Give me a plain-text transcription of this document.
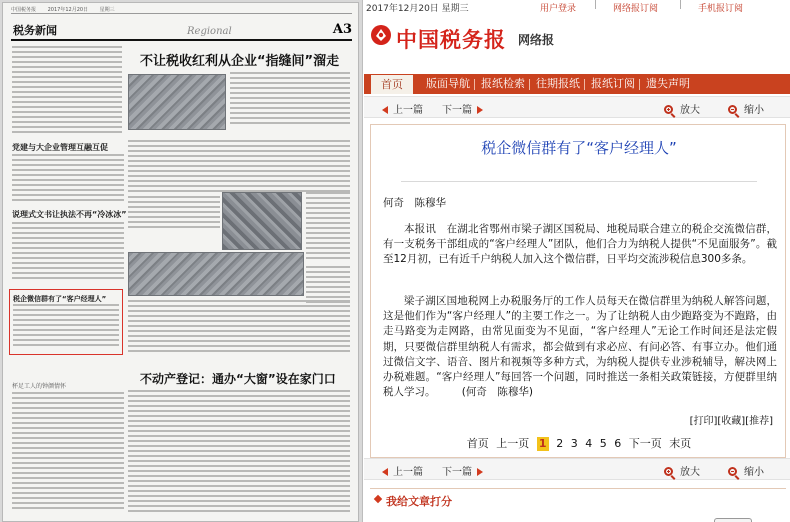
中国税务报 2017年12月20日 星期三
税务新闻	Regional	A3
不让税收红利从企业“指缝间”溜走
党建与大企业管理互融互促
说理式文书让执法不再“冷冰冰”
税企微信群有了“客户经理人”
杯足工人的钟颜情怀
不动产登记：通办“大窗”设在家门口
2017年12月20日 星期三	用户登录 | 网络报订阅 | 手机报订阅
中国税务报 网络报
首页	版面导航 报纸检索 往期报纸 报纸订阅 遗失声明
上一篇 下一篇	放大	缩小
税企微信群有了“客户经理人”
何奇　陈穆华
本报讯　在湖北省鄂州市梁子湖区国税局、地税局联合建立的税企交流微信群，有一支税务干部组成的“客户经理人”团队，他们合力为纳税人提供“不见面服务”。截至12月初，已有近千户纳税人加入这个微信群，日平均交流涉税信息300多条。
梁子湖区国地税网上办税服务厅的工作人员每天在微信群里为纳税人解答问题，这是他们作为“客户经理人”的主要工作之一。为了让纳税人由少跑路变为不跑路，由走马路变为走网路，由常见面变为不见面，“客户经理人”无论工作时间还是法定假期，只要微信群里纳税人有需求，都会做到有求必应、有问必答、有事立办。他们通过微信文字、语音、图片和视频等多种方式，为纳税人提供专业涉税辅导，解决网上办税难题。“客户经理人”每回答一个问题，同时推送一条相关政策链接，方便群里纳税人学习。　　　(何奇　陈穆华)
[打印][收藏][推荐]
首页 上一页 1 2 3 4 5 6 下一页 末页
上一篇 下一篇	放大	缩小
我给文章打分
